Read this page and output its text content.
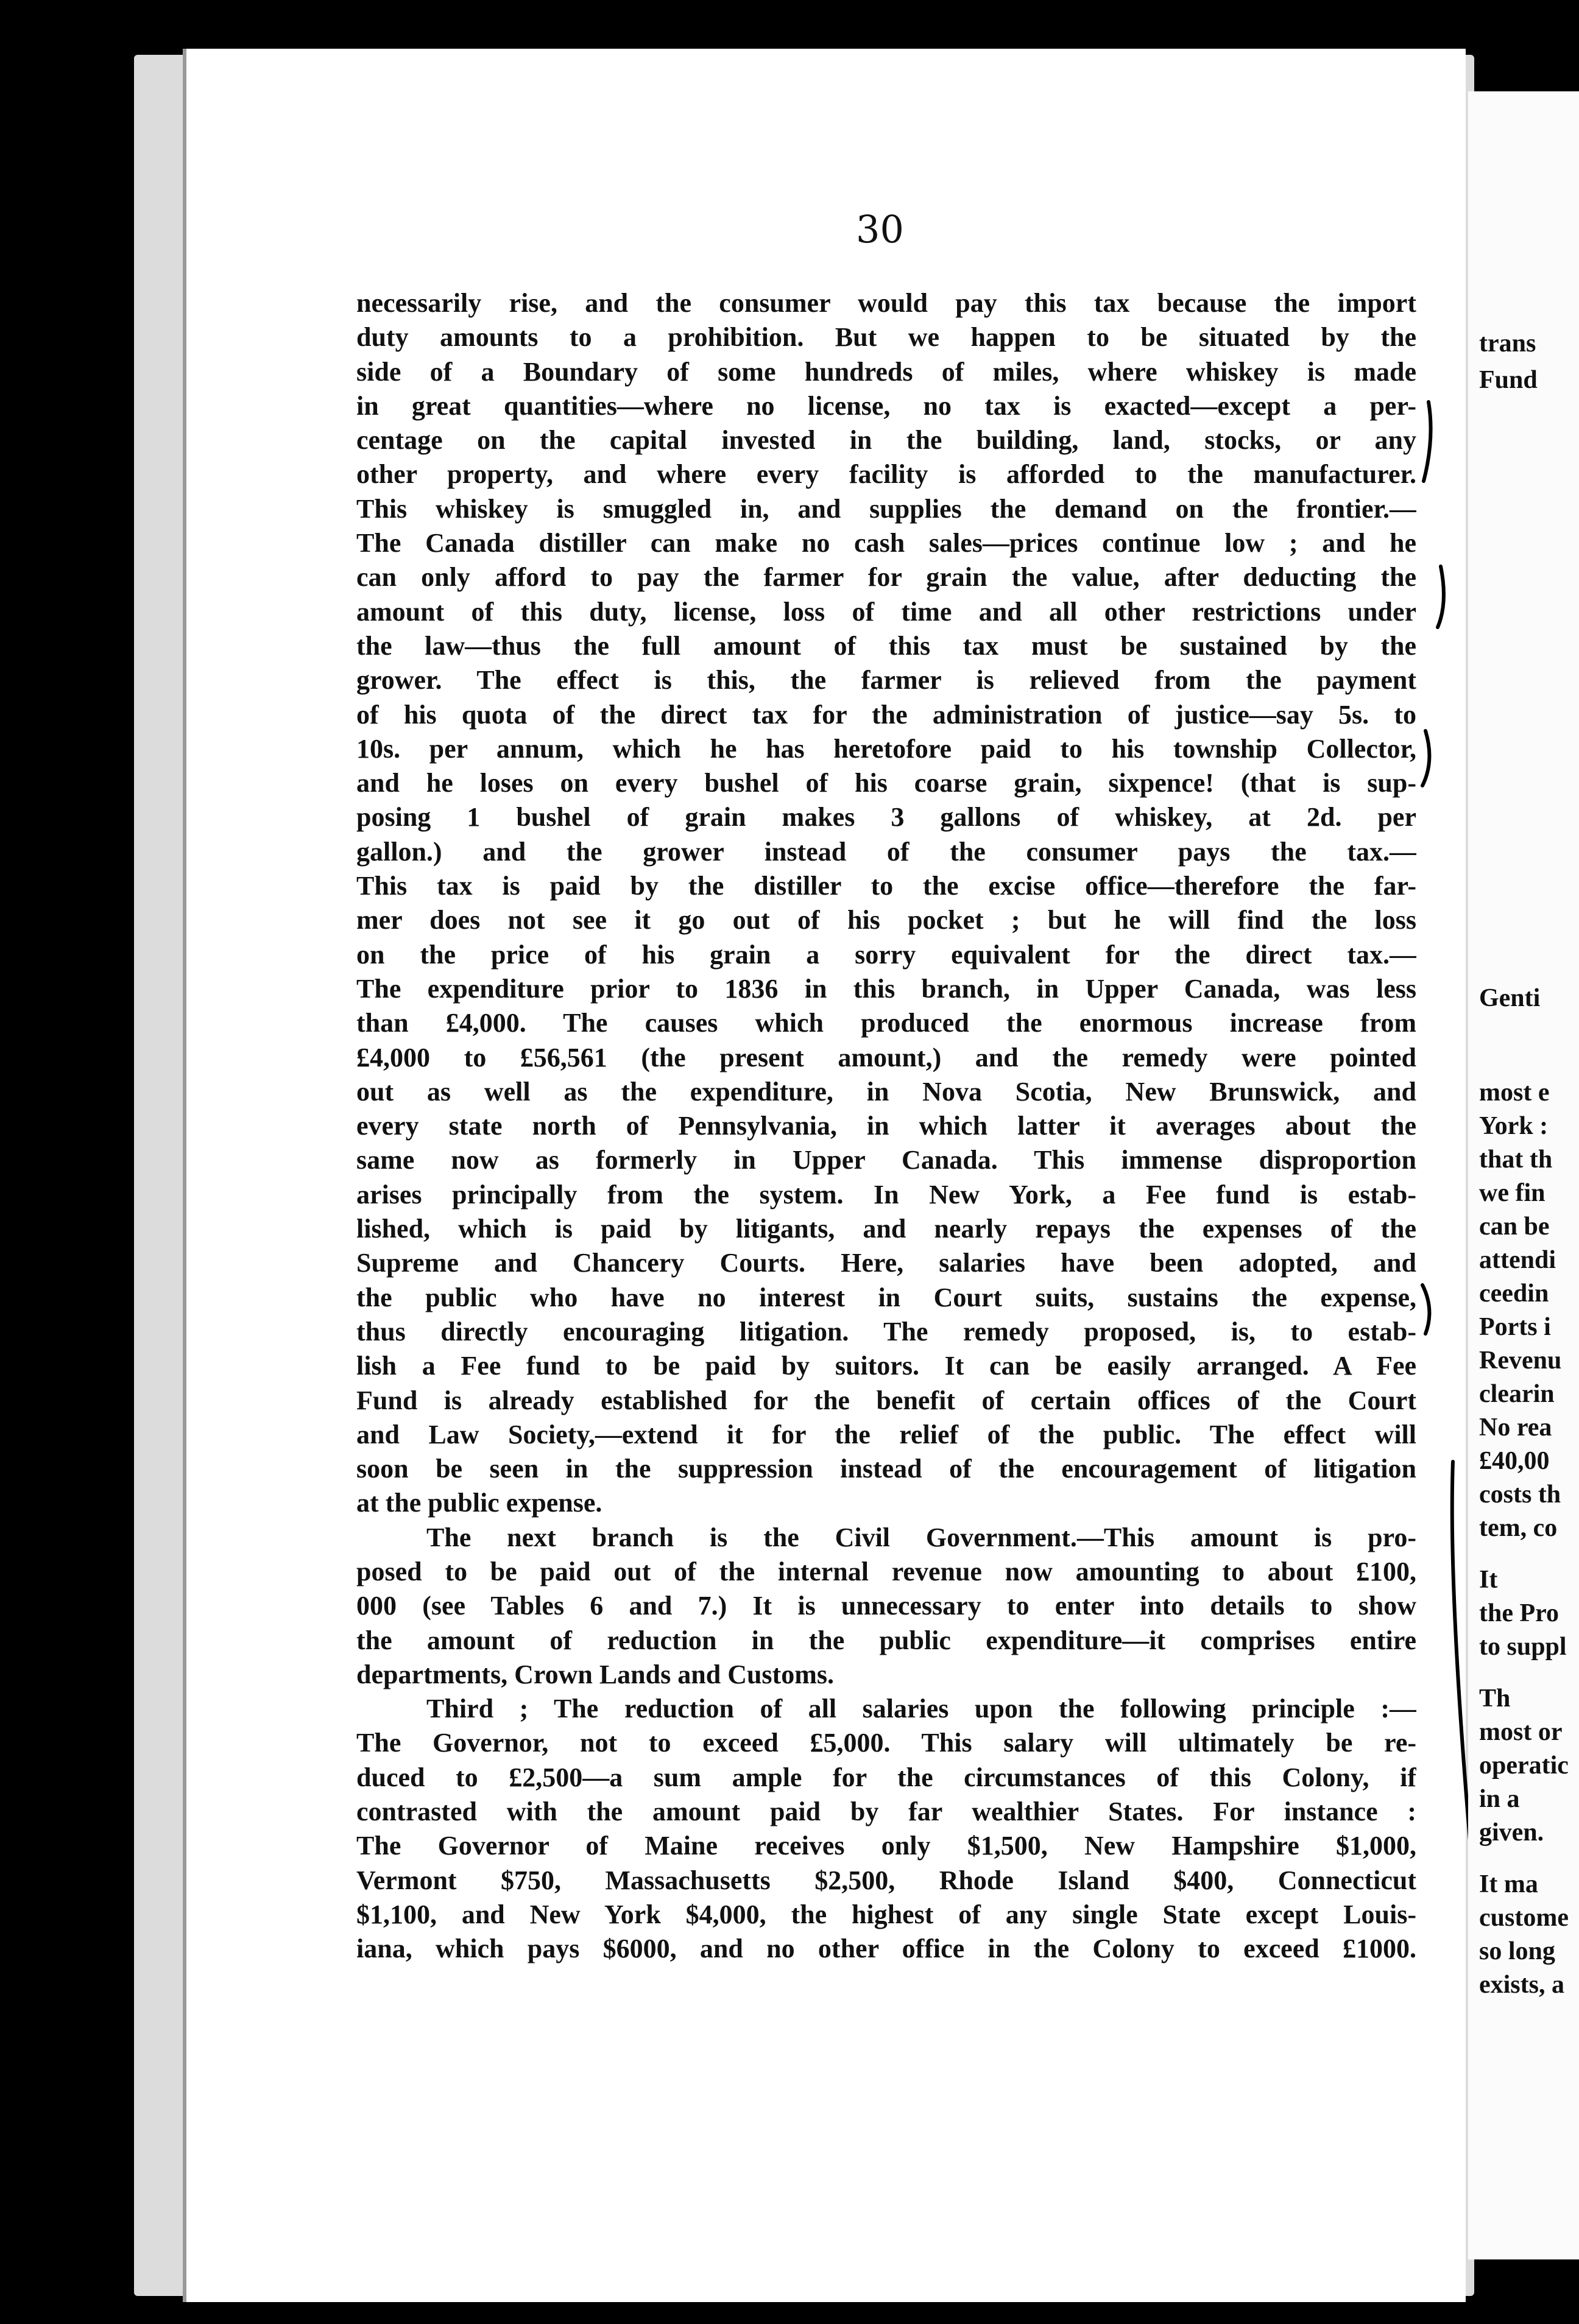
30
necessarily rise, and the consumer would pay this tax because the import
duty amounts to a prohibition. But we happen to be situated by the
side of a Boundary of some hundreds of miles, where whiskey is made
in great quantities—where no license, no tax is exacted—except a per-
centage on the capital invested in the building, land, stocks, or any
other property, and where every facility is afforded to the manufacturer.
This whiskey is smuggled in, and supplies the demand on the frontier.—
The Canada distiller can make no cash sales—prices continue low ; and he
can only afford to pay the farmer for grain the value, after deducting the
amount of this duty, license, loss of time and all other restrictions under
the law—thus the full amount of this tax must be sustained by the
grower. The effect is this, the farmer is relieved from the payment
of his quota of the direct tax for the administration of justice—say 5s. to
10s. per annum, which he has heretofore paid to his township Collector,
and he loses on every bushel of his coarse grain, sixpence! (that is sup-
posing 1 bushel of grain makes 3 gallons of whiskey, at 2d. per
gallon.) and the grower instead of the consumer pays the tax.—
This tax is paid by the distiller to the excise office—therefore the far-
mer does not see it go out of his pocket ; but he will find the loss
on the price of his grain a sorry equivalent for the direct tax.—
The expenditure prior to 1836 in this branch, in Upper Canada, was less
than £4,000. The causes which produced the enormous increase from
£4,000 to £56,561 (the present amount,) and the remedy were pointed
out as well as the expenditure, in Nova Scotia, New Brunswick, and
every state north of Pennsylvania, in which latter it averages about the
same now as formerly in Upper Canada. This immense disproportion
arises principally from the system. In New York, a Fee fund is estab-
lished, which is paid by litigants, and nearly repays the expenses of the
Supreme and Chancery Courts. Here, salaries have been adopted, and
the public who have no interest in Court suits, sustains the expense,
thus directly encouraging litigation. The remedy proposed, is, to estab-
lish a Fee fund to be paid by suitors. It can be easily arranged. A Fee
Fund is already established for the benefit of certain offices of the Court
and Law Society,—extend it for the relief of the public. The effect will
soon be seen in the suppression instead of the encouragement of litigation
at the public expense.
The next branch is the Civil Government.—This amount is pro-
posed to be paid out of the internal revenue now amounting to about £100,
000 (see Tables 6 and 7.) It is unnecessary to enter into details to show
the amount of reduction in the public expenditure—it comprises entire
departments, Crown Lands and Customs.
Third ; The reduction of all salaries upon the following principle :—
The Governor, not to exceed £5,000. This salary will ultimately be re-
duced to £2,500—a sum ample for the circumstances of this Colony, if
contrasted with the amount paid by far wealthier States. For instance :
The Governor of Maine receives only $1,500, New Hampshire $1,000,
Vermont $750, Massachusetts $2,500, Rhode Island $400, Connecticut
$1,100, and New York $4,000, the highest of any single State except Louis-
iana, which pays $6000, and no other office in the Colony to exceed £1000.
trans
Fund
Genti
most e
York :
that th
we fin
can be
attendi
ceedin
Ports i
Revenu
clearin
No rea
£40,00
costs th
tem, co
It
the Pro
to suppl
Th
most or
operatic
in a
given.
It ma
custome
so long
exists, a
